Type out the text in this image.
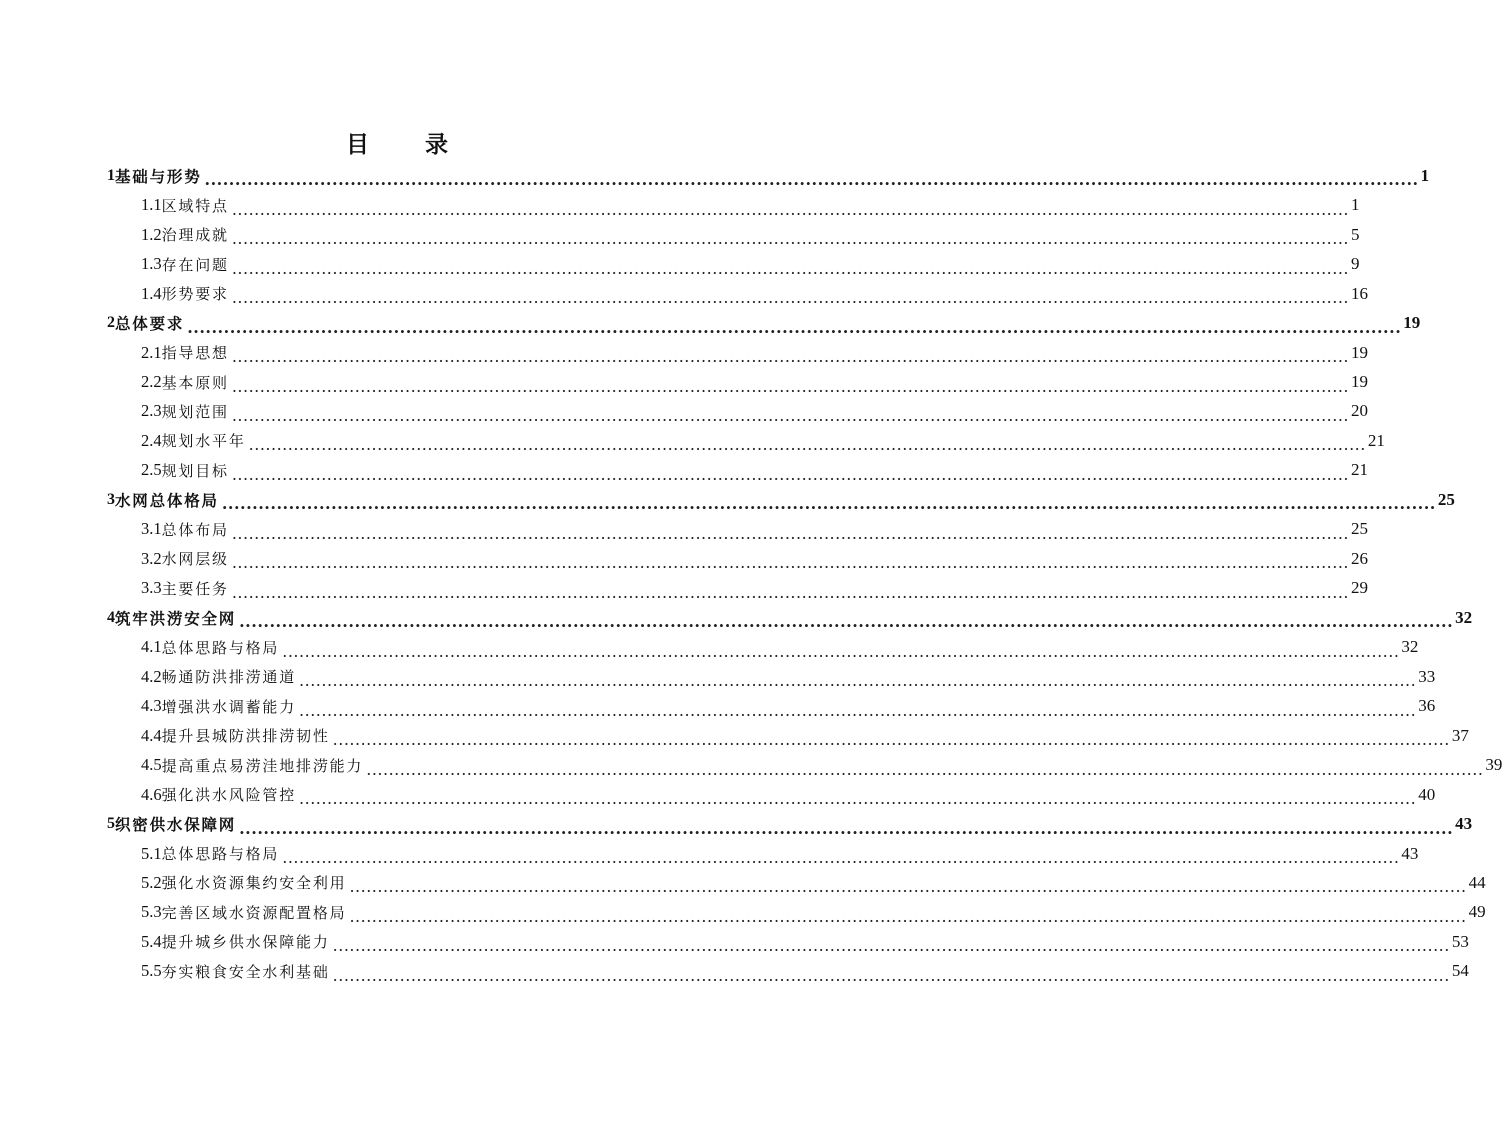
目 录
1 基础与形势 ........................................................................................................................................................................................................ 1
1.1 区域特点 ........................................................................................................................................................................................................ 1
1.2 治理成就 ........................................................................................................................................................................................................ 5
1.3 存在问题 ........................................................................................................................................................................................................ 9
1.4 形势要求 ........................................................................................................................................................................................................ 16
2 总体要求 ........................................................................................................................................................................................................ 19
2.1 指导思想 ........................................................................................................................................................................................................ 19
2.2 基本原则 ........................................................................................................................................................................................................ 19
2.3 规划范围 ........................................................................................................................................................................................................ 20
2.4 规划水平年 ........................................................................................................................................................................................................ 21
2.5 规划目标 ........................................................................................................................................................................................................ 21
3 水网总体格局 ........................................................................................................................................................................................................ 25
3.1 总体布局 ........................................................................................................................................................................................................ 25
3.2 水网层级 ........................................................................................................................................................................................................ 26
3.3 主要任务 ........................................................................................................................................................................................................ 29
4 筑牢洪涝安全网 ........................................................................................................................................................................................................ 32
4.1 总体思路与格局 ........................................................................................................................................................................................................ 32
4.2 畅通防洪排涝通道 ........................................................................................................................................................................................................ 33
4.3 增强洪水调蓄能力 ........................................................................................................................................................................................................ 36
4.4 提升县城防洪排涝韧性 ........................................................................................................................................................................................................ 37
4.5 提高重点易涝洼地排涝能力 ........................................................................................................................................................................................................ 39
4.6 强化洪水风险管控 ........................................................................................................................................................................................................ 40
5 织密供水保障网 ........................................................................................................................................................................................................ 43
5.1 总体思路与格局 ........................................................................................................................................................................................................ 43
5.2 强化水资源集约安全利用 ........................................................................................................................................................................................................ 44
5.3 完善区域水资源配置格局 ........................................................................................................................................................................................................ 49
5.4 提升城乡供水保障能力 ........................................................................................................................................................................................................ 53
5.5 夯实粮食安全水利基础 ........................................................................................................................................................................................................ 54
